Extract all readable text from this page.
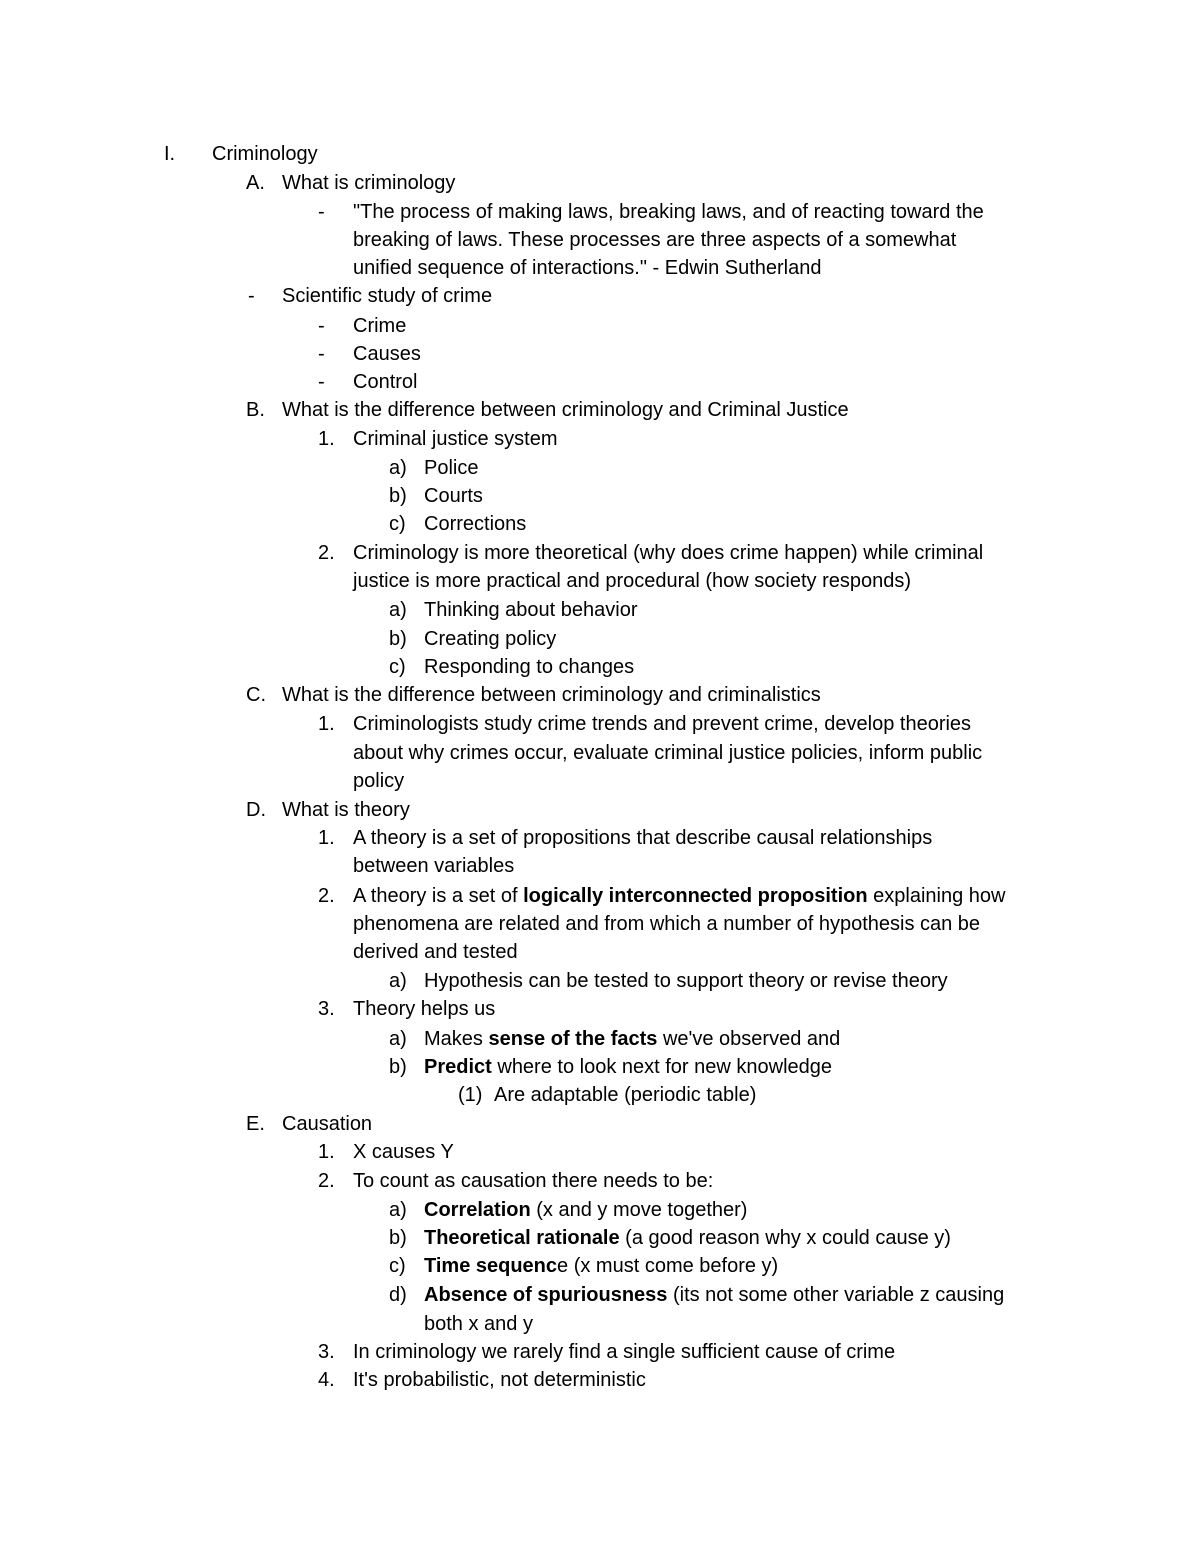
I. Criminology
A. What is criminology
- "The process of making laws, breaking laws, and of reacting toward the
breaking of laws. These processes are three aspects of a somewhat
unified sequence of interactions." - Edwin Sutherland
- Scientific study of crime
- Crime
- Causes
- Control
B. What is the difference between criminology and Criminal Justice
1. Criminal justice system
a) Police
b) Courts
c) Corrections
2. Criminology is more theoretical (why does crime happen) while criminal
justice is more practical and procedural (how society responds)
a) Thinking about behavior
b) Creating policy
c) Responding to changes
C. What is the difference between criminology and criminalistics
1. Criminologists study crime trends and prevent crime, develop theories
about why crimes occur, evaluate criminal justice policies, inform public
policy
D. What is theory
1. A theory is a set of propositions that describe causal relationships
between variables
2. A theory is a set of logically interconnected proposition explaining how
phenomena are related and from which a number of hypothesis can be
derived and tested
a) Hypothesis can be tested to support theory or revise theory
3. Theory helps us
a) Makes sense of the facts we've observed and
b) Predict where to look next for new knowledge
(1) Are adaptable (periodic table)
E. Causation
1. X causes Y
2. To count as causation there needs to be:
a) Correlation (x and y move together)
b) Theoretical rationale (a good reason why x could cause y)
c) Time sequence (x must come before y)
d) Absence of spuriousness (its not some other variable z causing
both x and y
3. In criminology we rarely find a single sufficient cause of crime
4. It's probabilistic, not deterministic
